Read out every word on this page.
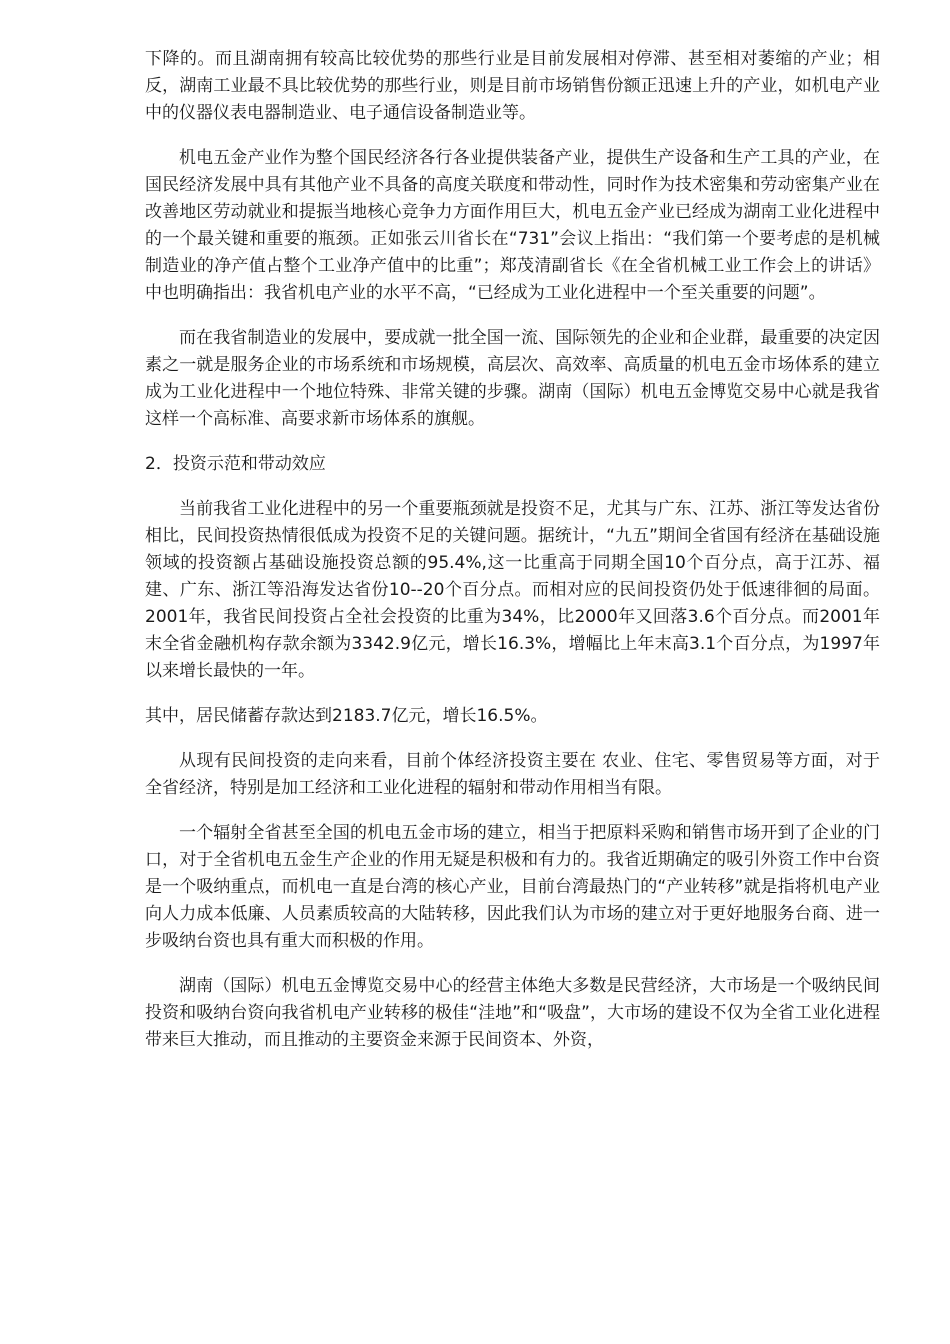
下降的。而且湖南拥有较高比较优势的那些行业是目前发展相对停滞、甚至相对萎缩的产业；相反，湖南工业最不具比较优势的那些行业，则是目前市场销售份额正迅速上升的产业，如机电产业中的仪器仪表电器制造业、电子通信设备制造业等。

机电五金产业作为整个国民经济各行各业提供装备产业，提供生产设备和生产工具的产业，在国民经济发展中具有其他产业不具备的高度关联度和带动性，同时作为技术密集和劳动密集产业在改善地区劳动就业和提振当地核心竞争力方面作用巨大，机电五金产业已经成为湖南工业化进程中的一个最关键和重要的瓶颈。正如张云川省长在“731”会议上指出：“我们第一个要考虑的是机械制造业的净产值占整个工业净产值中的比重”；郑茂清副省长《在全省机械工业工作会上的讲话》中也明确指出：我省机电产业的水平不高，“已经成为工业化进程中一个至关重要的问题”。

而在我省制造业的发展中，要成就一批全国一流、国际领先的企业和企业群，最重要的决定因素之一就是服务企业的市场系统和市场规模，高层次、高效率、高质量的机电五金市场体系的建立成为工业化进程中一个地位特殊、非常关键的步骤。湖南（国际）机电五金博览交易中心就是我省这样一个高标准、高要求新市场体系的旗舰。

2．投资示范和带动效应

当前我省工业化进程中的另一个重要瓶颈就是投资不足，尤其与广东、江苏、浙江等发达省份相比，民间投资热情很低成为投资不足的关键问题。据统计，“九五”期间全省国有经济在基础设施领域的投资额占基础设施投资总额的95.4%,这一比重高于同期全国10个百分点，高于江苏、福建、广东、浙江等沿海发达省份10--20个百分点。而相对应的民间投资仍处于低速徘徊的局面。2001年，我省民间投资占全社会投资的比重为34%，比2000年又回落3.6个百分点。而2001年末全省金融机构存款余额为3342.9亿元，增长16.3%，增幅比上年末高3.1个百分点，为1997年以来增长最快的一年。

其中，居民储蓄存款达到2183.7亿元，增长16.5%。

从现有民间投资的走向来看，目前个体经济投资主要在 农业、住宅、零售贸易等方面，对于全省经济，特别是加工经济和工业化进程的辐射和带动作用相当有限。

一个辐射全省甚至全国的机电五金市场的建立，相当于把原料采购和销售市场开到了企业的门口，对于全省机电五金生产企业的作用无疑是积极和有力的。我省近期确定的吸引外资工作中台资是一个吸纳重点，而机电一直是台湾的核心产业，目前台湾最热门的“产业转移”就是指将机电产业向人力成本低廉、人员素质较高的大陆转移，因此我们认为市场的建立对于更好地服务台商、进一步吸纳台资也具有重大而积极的作用。

湖南（国际）机电五金博览交易中心的经营主体绝大多数是民营经济，大市场是一个吸纳民间投资和吸纳台资向我省机电产业转移的极佳“洼地”和“吸盘”，大市场的建设不仅为全省工业化进程带来巨大推动，而且推动的主要资金来源于民间资本、外资，
